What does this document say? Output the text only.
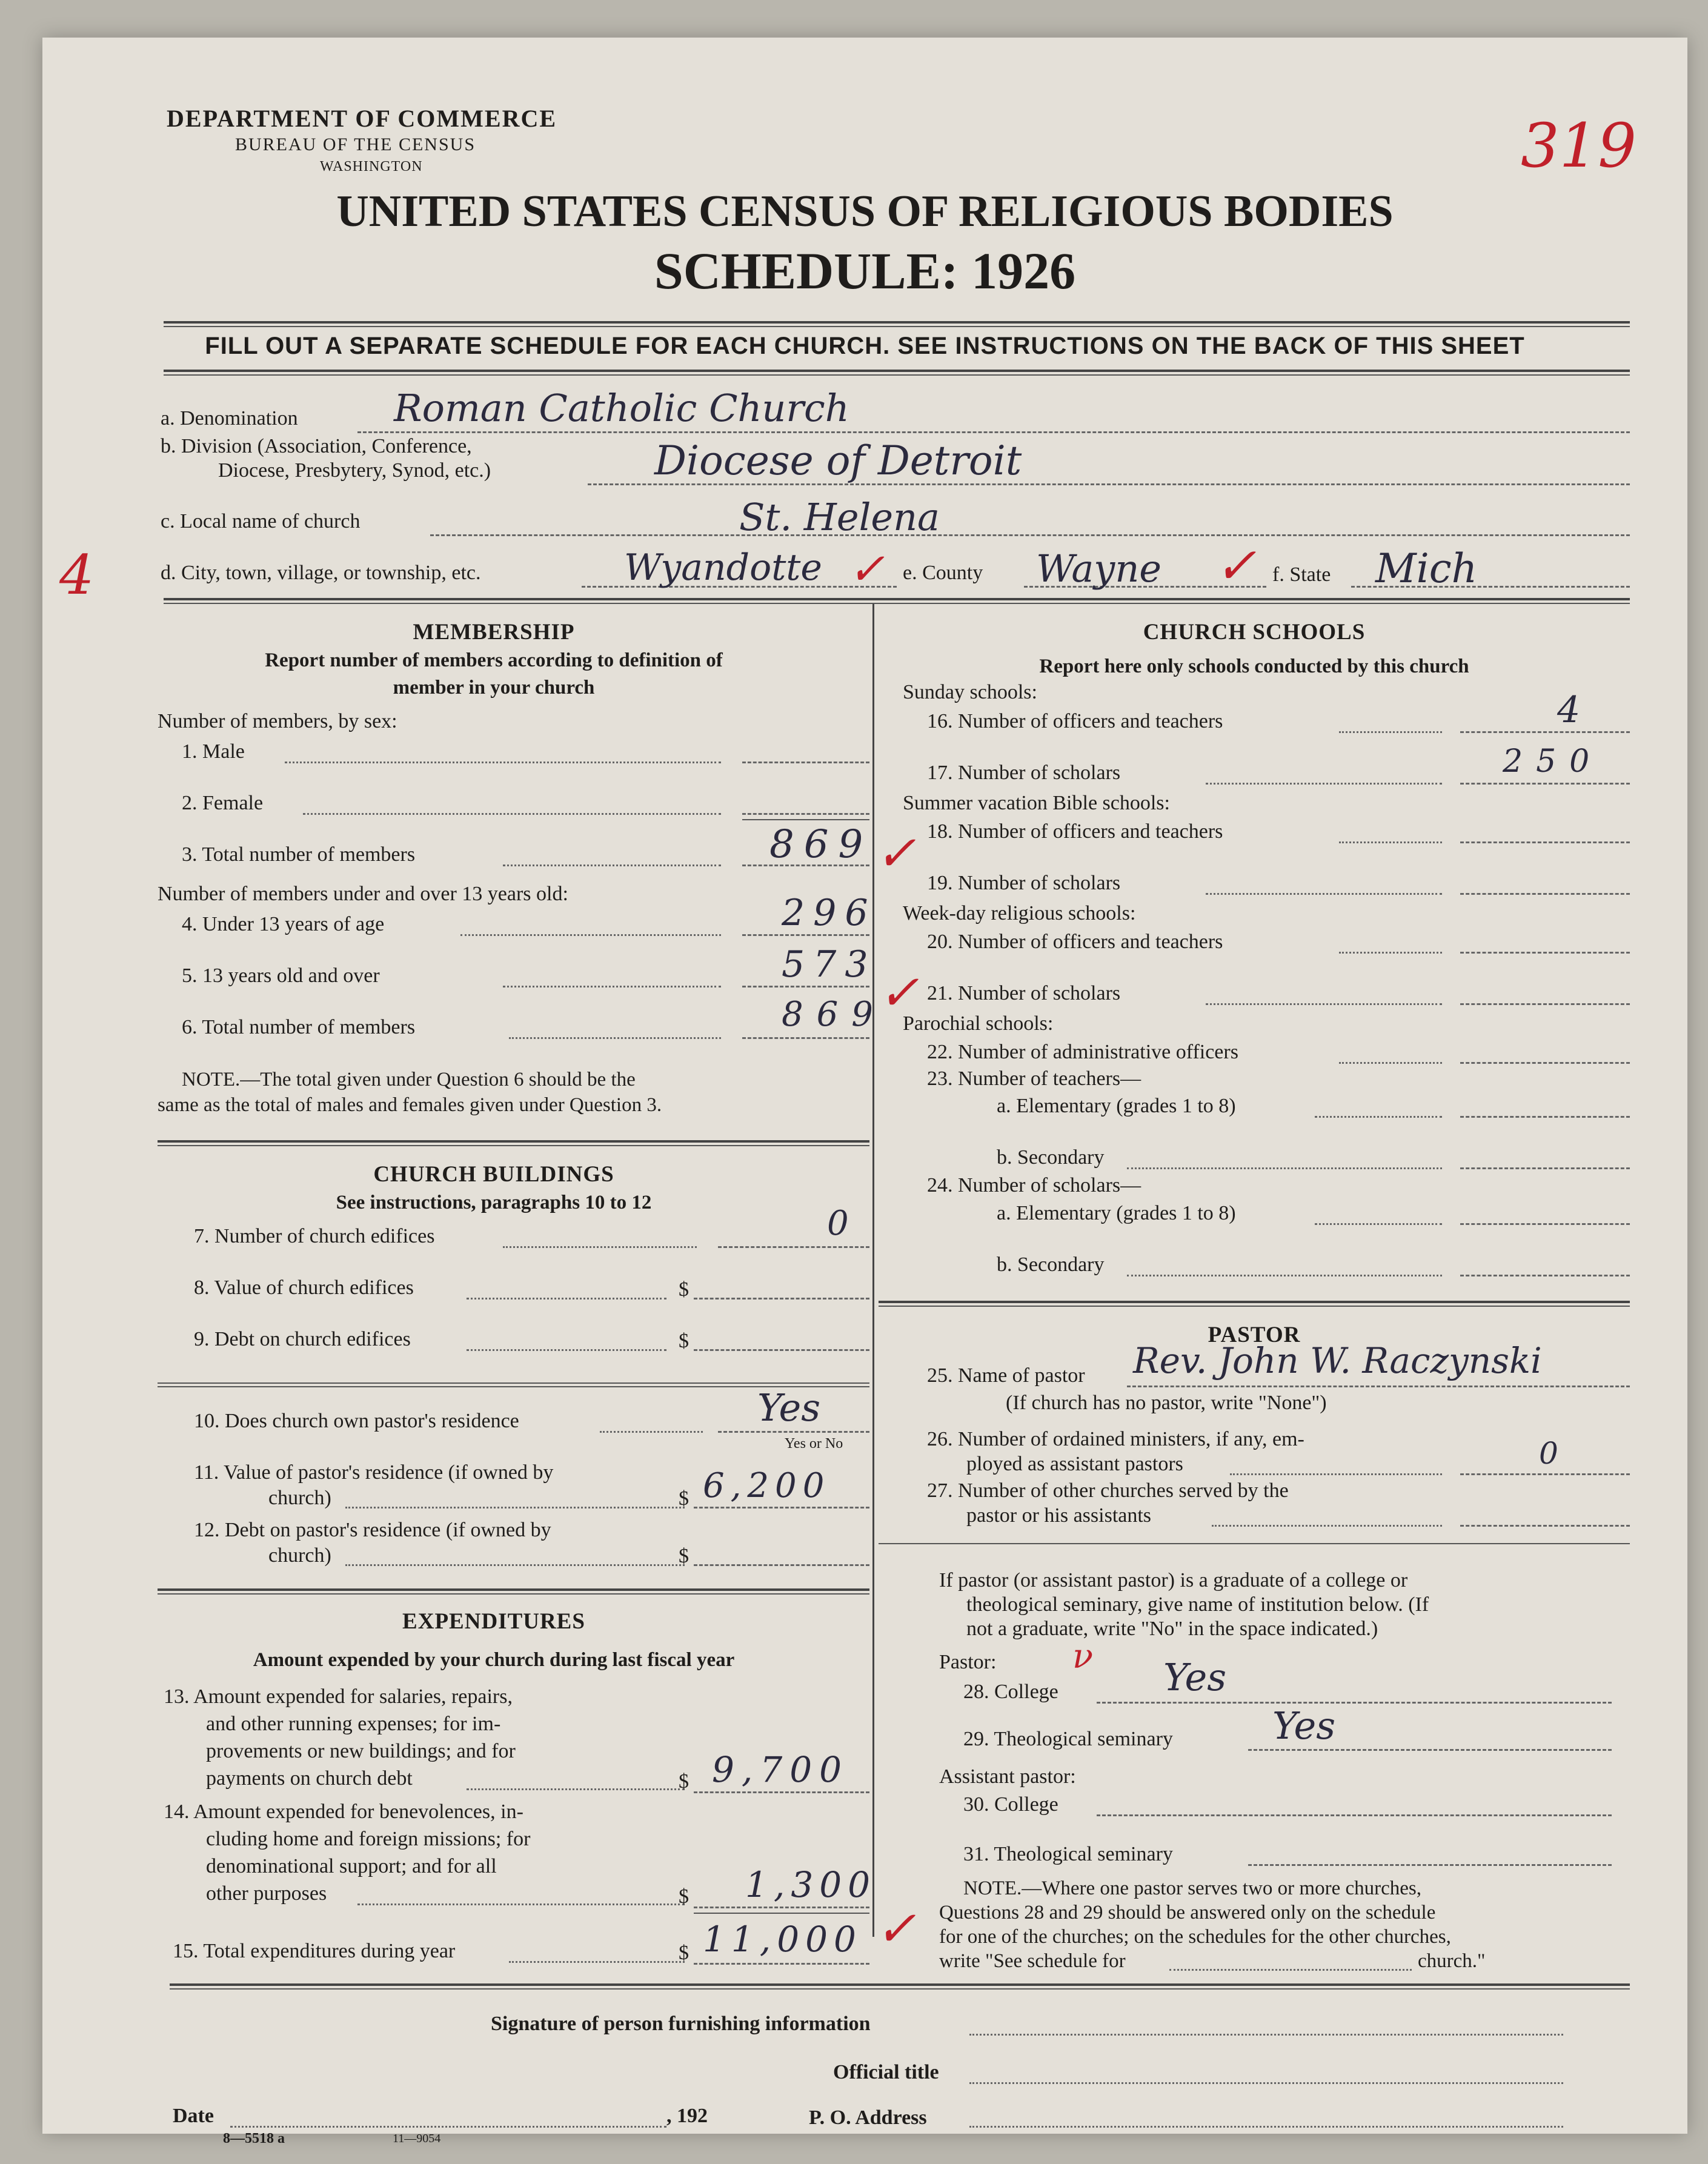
DEPARTMENT OF COMMERCE
BUREAU OF THE CENSUS
WASHINGTON	319
UNITED STATES CENSUS OF RELIGIOUS BODIES
SCHEDULE: 1926
FILL OUT A SEPARATE SCHEDULE FOR EACH CHURCH. SEE INSTRUCTIONS ON THE BACK OF THIS SHEET
a. Denomination	Roman Catholic Church
b. Division (Association, Conference,
Diocese, Presbytery, Synod, etc.)	Diocese of Detroit
c. Local name of church	St. Helena
4	d. City, town, village, or township, etc.	Wyandotte ✓ e. County Wayne ✓ f. State Mich
MEMBERSHIP
Report number of members according to definition of
member in your church
Number of members, by sex:
1. Male
2. Female
3. Total number of members	869 ✓
Number of members under and over 13 years old:
4. Under 13 years of age	296
5. 13 years old and over	573 ✓
6. Total number of members	869
NOTE.—The total given under Question 6 should be the
same as the total of males and females given under Question 3.
CHURCH BUILDINGS
See instructions, paragraphs 10 to 12
7. Number of church edifices	0
8. Value of church edifices	$
9. Debt on church edifices	$
10. Does church own pastor's residence	Yes
Yes or No
11. Value of pastor's residence (if owned by
church)	$ 6,200
12. Debt on pastor's residence (if owned by
church)	$
EXPENDITURES
Amount expended by your church during last fiscal year
13. Amount expended for salaries, repairs,
and other running expenses; for im-
provements or new buildings; and for
payments on church debt	$ 9,700
14. Amount expended for benevolences, in-
cluding home and foreign missions; for
denominational support; and for all
other purposes	$ 1,300
15. Total expenditures during year	$ 11,000
CHURCH SCHOOLS
Report here only schools conducted by this church
Sunday schools:
16. Number of officers and teachers	4
17. Number of scholars	250
Summer vacation Bible schools:
18. Number of officers and teachers
19. Number of scholars
Week-day religious schools:
20. Number of officers and teachers
21. Number of scholars
Parochial schools:
22. Number of administrative officers
23. Number of teachers—
a. Elementary (grades 1 to 8)
b. Secondary
24. Number of scholars—
a. Elementary (grades 1 to 8)
b. Secondary
PASTOR
25. Name of pastor Rev. John W. Raczynski
(If church has no pastor, write "None")
26. Number of ordained ministers, if any, em-
ployed as assistant pastors	0
27. Number of other churches served by the
pastor or his assistants
If pastor (or assistant pastor) is a graduate of a college or
theological seminary, give name of institution below. (If
not a graduate, write "No" in the space indicated.)
Pastor: ν
28. College	Yes
29. Theological seminary	Yes
Assistant pastor:
30. College
31. Theological seminary
NOTE.—Where one pastor serves two or more churches,
Questions 28 and 29 should be answered only on the schedule
✓ for one of the churches; on the schedules for the other churches,
write "See schedule for	church."
Signature of person furnishing information
Official title
Date	, 192	P. O. Address
8—5518 a	11—9054
